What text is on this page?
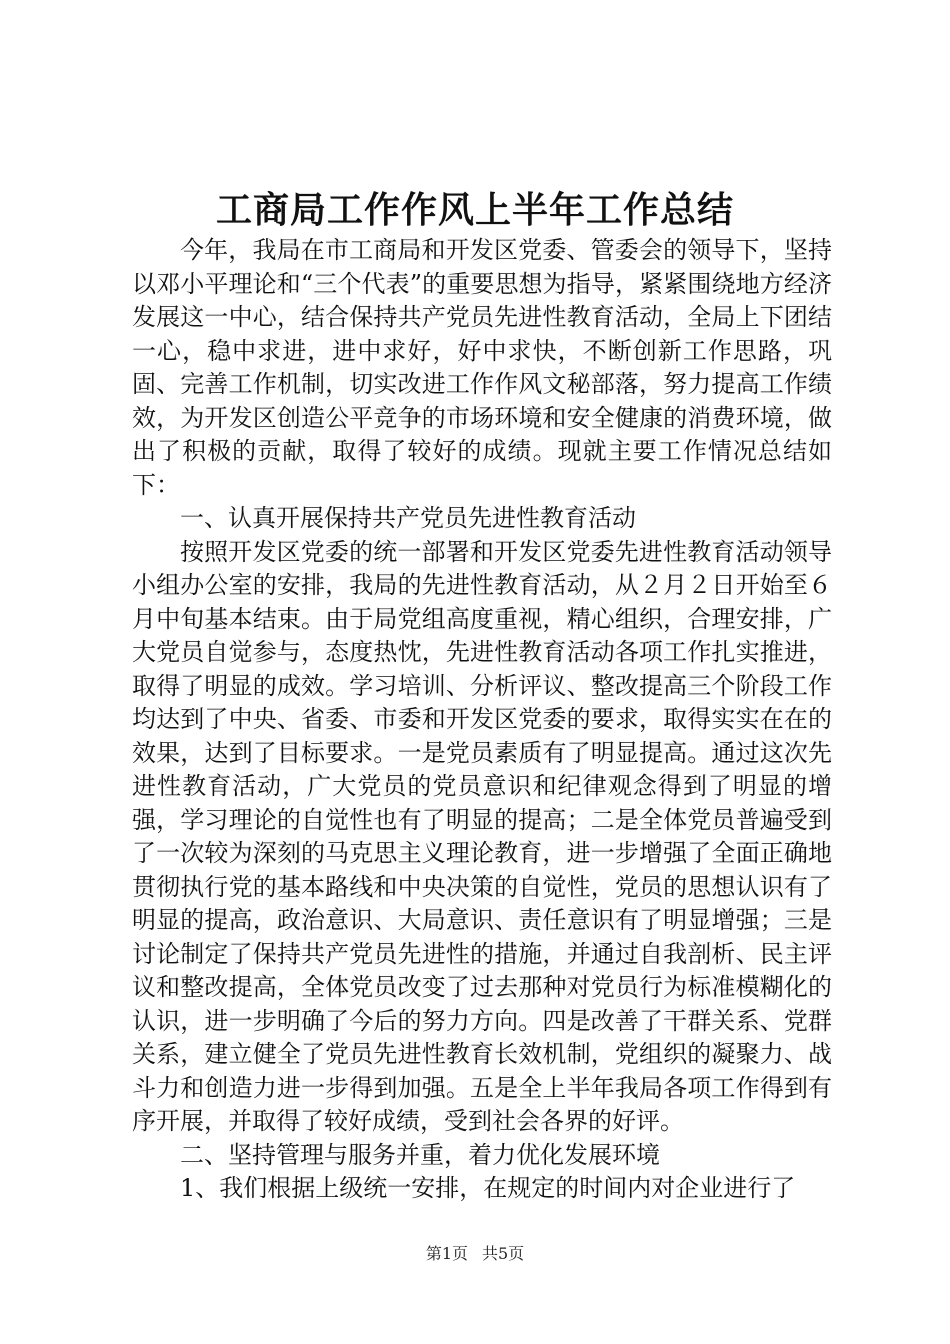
工商局工作作风上半年工作总结

今年，我局在市工商局和开发区党委、管委会的领导下，坚持以邓小平理论和“三个代表”的重要思想为指导，紧紧围绕地方经济发展这一中心，结合保持共产党员先进性教育活动，全局上下团结一心，稳中求进，进中求好，好中求快，不断创新工作思路，巩固、完善工作机制，切实改进工作作风文秘部落，努力提高工作绩效，为开发区创造公平竞争的市场环境和安全健康的消费环境，做出了积极的贡献，取得了较好的成绩。现就主要工作情况总结如下：

一、认真开展保持共产党员先进性教育活动

按照开发区党委的统一部署和开发区党委先进性教育活动领导小组办公室的安排，我局的先进性教育活动，从２月２日开始至６月中旬基本结束。由于局党组高度重视，精心组织，合理安排，广大党员自觉参与，态度热忱，先进性教育活动各项工作扎实推进，取得了明显的成效。学习培训、分析评议、整改提高三个阶段工作均达到了中央、省委、市委和开发区党委的要求，取得实实在在的效果，达到了目标要求。一是党员素质有了明显提高。通过这次先进性教育活动，广大党员的党员意识和纪律观念得到了明显的增强，学习理论的自觉性也有了明显的提高；二是全体党员普遍受到了一次较为深刻的马克思主义理论教育，进一步增强了全面正确地贯彻执行党的基本路线和中央决策的自觉性，党员的思想认识有了明显的提高，政治意识、大局意识、责任意识有了明显增强；三是讨论制定了保持共产党员先进性的措施，并通过自我剖析、民主评议和整改提高，全体党员改变了过去那种对党员行为标准模糊化的认识，进一步明确了今后的努力方向。四是改善了干群关系、党群关系，建立健全了党员先进性教育长效机制，党组织的凝聚力、战斗力和创造力进一步得到加强。五是全上半年我局各项工作得到有序开展，并取得了较好成绩，受到社会各界的好评。

二、坚持管理与服务并重，着力优化发展环境

1、我们根据上级统一安排，在规定的时间内对企业进行了

第1页 共5页
